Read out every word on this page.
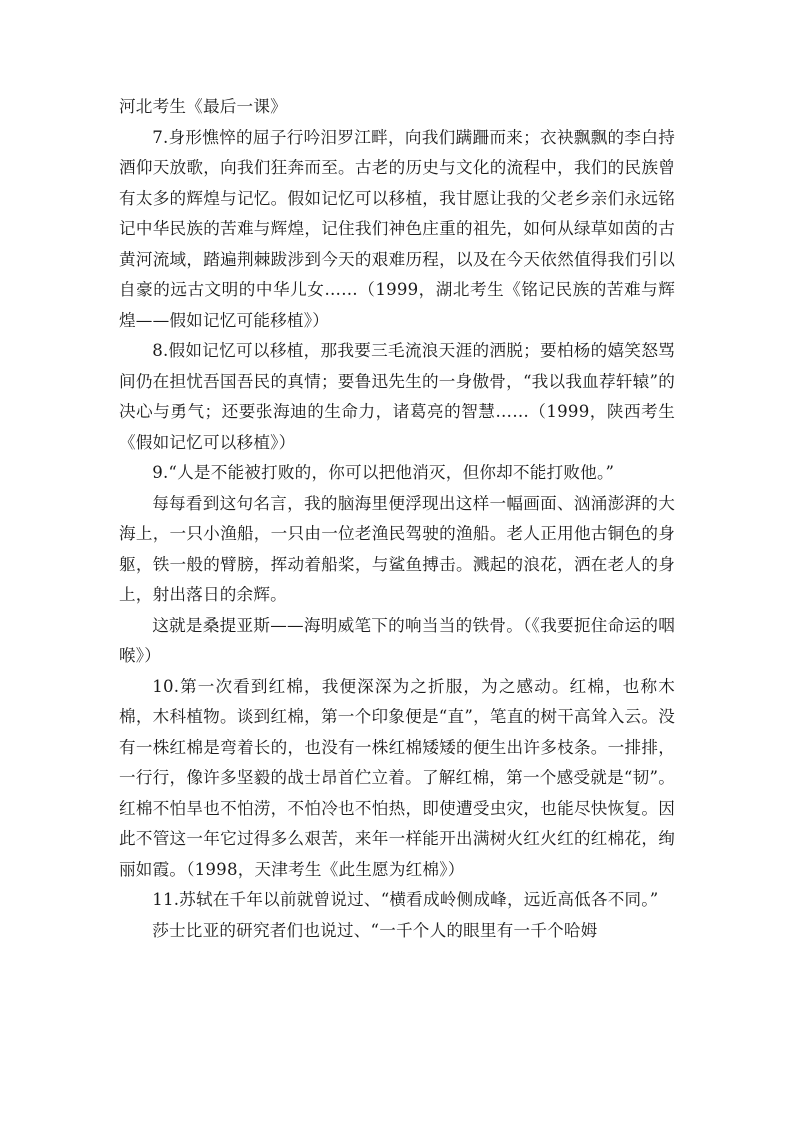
河北考生《最后一课》

7.身形憔悴的屈子行吟汨罗江畔，向我们蹒跚而来；衣袂飘飘的李白持酒仰天放歌，向我们狂奔而至。古老的历史与文化的流程中，我们的民族曾有太多的辉煌与记忆。假如记忆可以移植，我甘愿让我的父老乡亲们永远铭记中华民族的苦难与辉煌，记住我们神色庄重的祖先，如何从绿草如茵的古黄河流域，踏遍荆棘跋涉到今天的艰难历程，以及在今天依然值得我们引以自豪的远古文明的中华儿女……（1999，湖北考生《铭记民族的苦难与辉煌——假如记忆可能移植》）

8.假如记忆可以移植，那我要三毛流浪天涯的洒脱；要柏杨的嬉笑怒骂间仍在担忧吾国吾民的真情；要鲁迅先生的一身傲骨，“我以我血荐轩辕”的决心与勇气；还要张海迪的生命力，诸葛亮的智慧……（1999，陕西考生《假如记忆可以移植》）

9.“人是不能被打败的，你可以把他消灭，但你却不能打败他。”

每每看到这句名言，我的脑海里便浮现出这样一幅画面、汹涌澎湃的大海上，一只小渔船，一只由一位老渔民驾驶的渔船。老人正用他古铜色的身躯，铁一般的臂膀，挥动着船桨，与鲨鱼搏击。溅起的浪花，洒在老人的身上，射出落日的余辉。

这就是桑提亚斯——海明威笔下的响当当的铁骨。（《我要扼住命运的咽喉》）

10.第一次看到红棉，我便深深为之折服，为之感动。红棉，也称木棉，木科植物。谈到红棉，第一个印象便是“直”，笔直的树干高耸入云。没有一株红棉是弯着长的，也没有一株红棉矮矮的便生出许多枝条。一排排，一行行，像许多坚毅的战士昂首伫立着。了解红棉，第一个感受就是“韧”。红棉不怕旱也不怕涝，不怕冷也不怕热，即使遭受虫灾，也能尽快恢复。因此不管这一年它过得多么艰苦，来年一样能开出满树火红火红的红棉花，绚丽如霞。（1998，天津考生《此生愿为红棉》）

11.苏轼在千年以前就曾说过、“横看成岭侧成峰，远近高低各不同。”

莎士比亚的研究者们也说过、“一千个人的眼里有一千个哈姆
